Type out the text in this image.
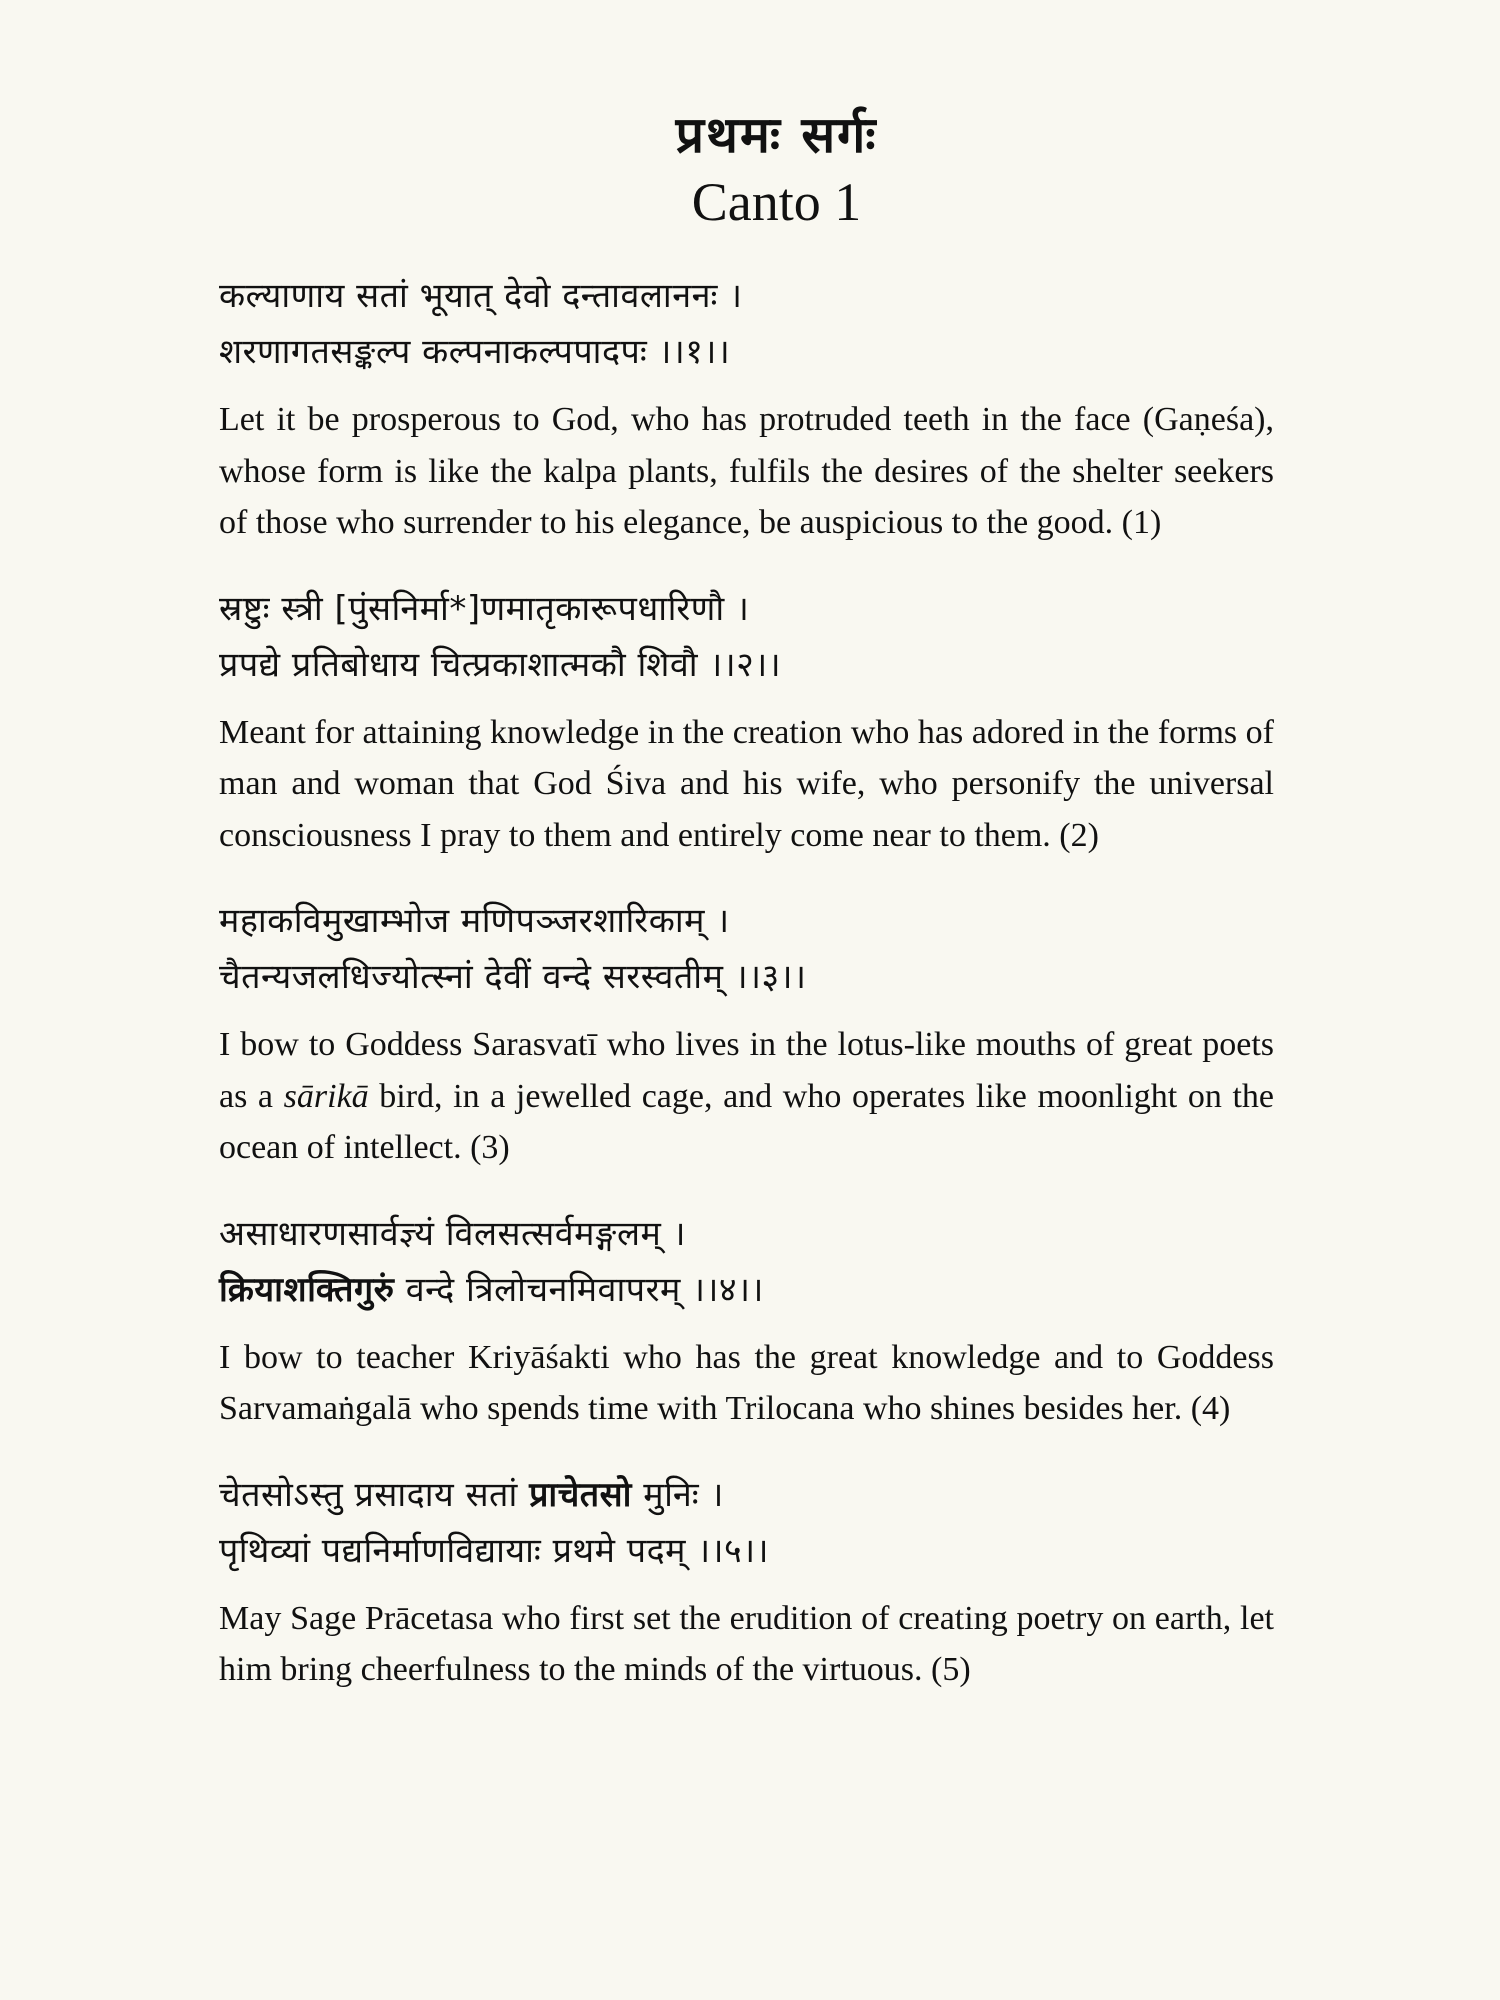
प्रथमः सर्गः
Canto 1
कल्याणाय सतां भूयात् देवो दन्तावलाननः ।
शरणागतसङ्कल्प कल्पनाकल्पपादपः ।।१।।
Let it be prosperous to God, who has protruded teeth in the face (Gaṇeśa), whose form is like the kalpa plants, fulfils the desires of the shelter seekers of those who surrender to his elegance, be auspicious to the good. (1)
स्रष्टुः स्त्री [पुंसनिर्मा*]णमातृकारूपधारिणौ ।
प्रपद्ये प्रतिबोधाय चित्प्रकाशात्मकौ शिवौ ।।२।।
Meant for attaining knowledge in the creation who has adored in the forms of man and woman that God Śiva and his wife, who personify the universal consciousness I pray to them and entirely come near to them. (2)
महाकविमुखाम्भोज मणिपञ्जरशारिकाम् ।
चैतन्यजलधिज्योत्स्नां देवीं वन्दे सरस्वतीम् ।।३।।
I bow to Goddess Sarasvatī who lives in the lotus-like mouths of great poets as a sārikā bird, in a jewelled cage, and who operates like moonlight on the ocean of intellect. (3)
असाधारणसार्वज्ञ्यं विलसत्सर्वमङ्गलम् ।
क्रियाशक्तिगुरुं वन्दे त्रिलोचनमिवापरम् ।।४।।
I bow to teacher Kriyāśakti who has the great knowledge and to Goddess Sarvamaṅgalā who spends time with Trilocana who shines besides her. (4)
चेतसोऽस्तु प्रसादाय सतां प्राचेतसो मुनिः ।
पृथिव्यां पद्यनिर्माणविद्यायाः प्रथमे पदम् ।।५।।
May Sage Prācetasa who first set the erudition of creating poetry on earth, let him bring cheerfulness to the minds of the virtuous. (5)
